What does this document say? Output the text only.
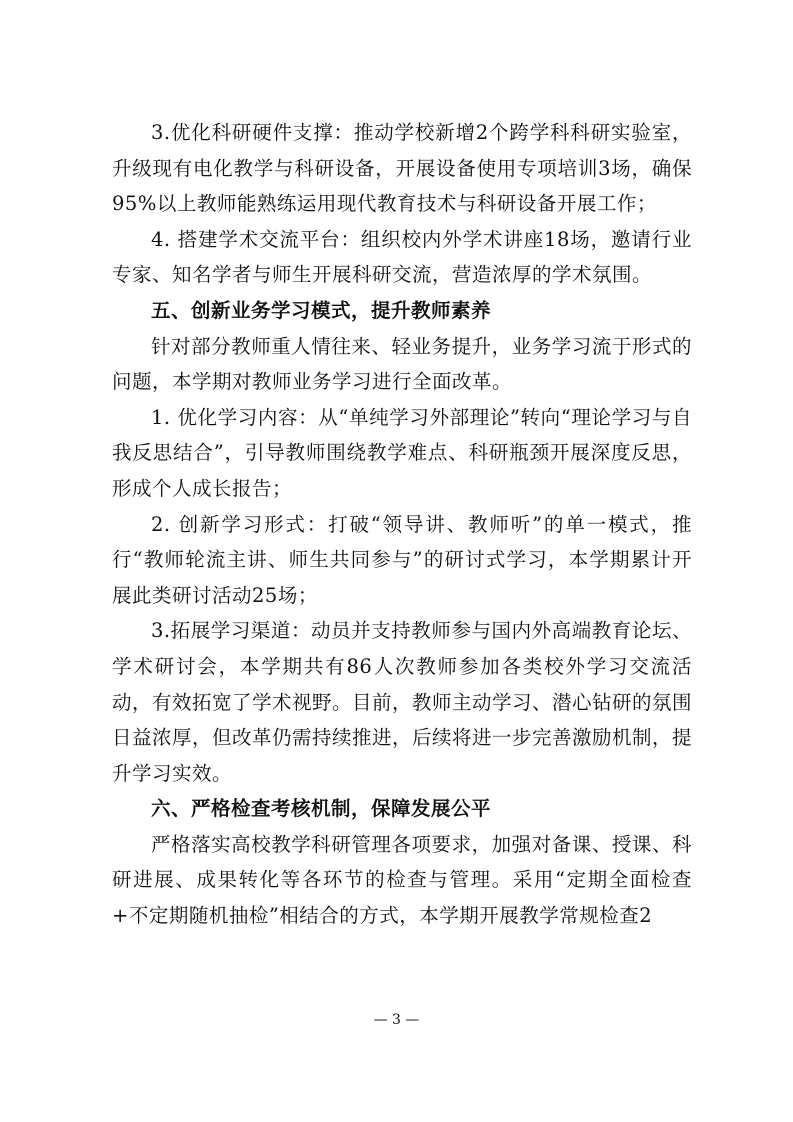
3.优化科研硬件支撑：推动学校新增2个跨学科科研实验室，升级现有电化教学与科研设备，开展设备使用专项培训3场，确保95%以上教师能熟练运用现代教育技术与科研设备开展工作；

4. 搭建学术交流平台：组织校内外学术讲座18场，邀请行业专家、知名学者与师生开展科研交流，营造浓厚的学术氛围。

五、创新业务学习模式，提升教师素养

针对部分教师重人情往来、轻业务提升，业务学习流于形式的问题，本学期对教师业务学习进行全面改革。

1. 优化学习内容：从“单纯学习外部理论”转向“理论学习与自我反思结合”，引导教师围绕教学难点、科研瓶颈开展深度反思，形成个人成长报告；

2. 创新学习形式：打破“领导讲、教师听”的单一模式，推行“教师轮流主讲、师生共同参与”的研讨式学习，本学期累计开展此类研讨活动25场；

3.拓展学习渠道：动员并支持教师参与国内外高端教育论坛、学术研讨会，本学期共有86人次教师参加各类校外学习交流活动，有效拓宽了学术视野。目前，教师主动学习、潜心钻研的氛围日益浓厚，但改革仍需持续推进，后续将进一步完善激励机制，提升学习实效。

六、严格检查考核机制，保障发展公平

严格落实高校教学科研管理各项要求，加强对备课、授课、科研进展、成果转化等各环节的检查与管理。采用“定期全面检查+不定期随机抽检”相结合的方式，本学期开展教学常规检查2

— 3 —
